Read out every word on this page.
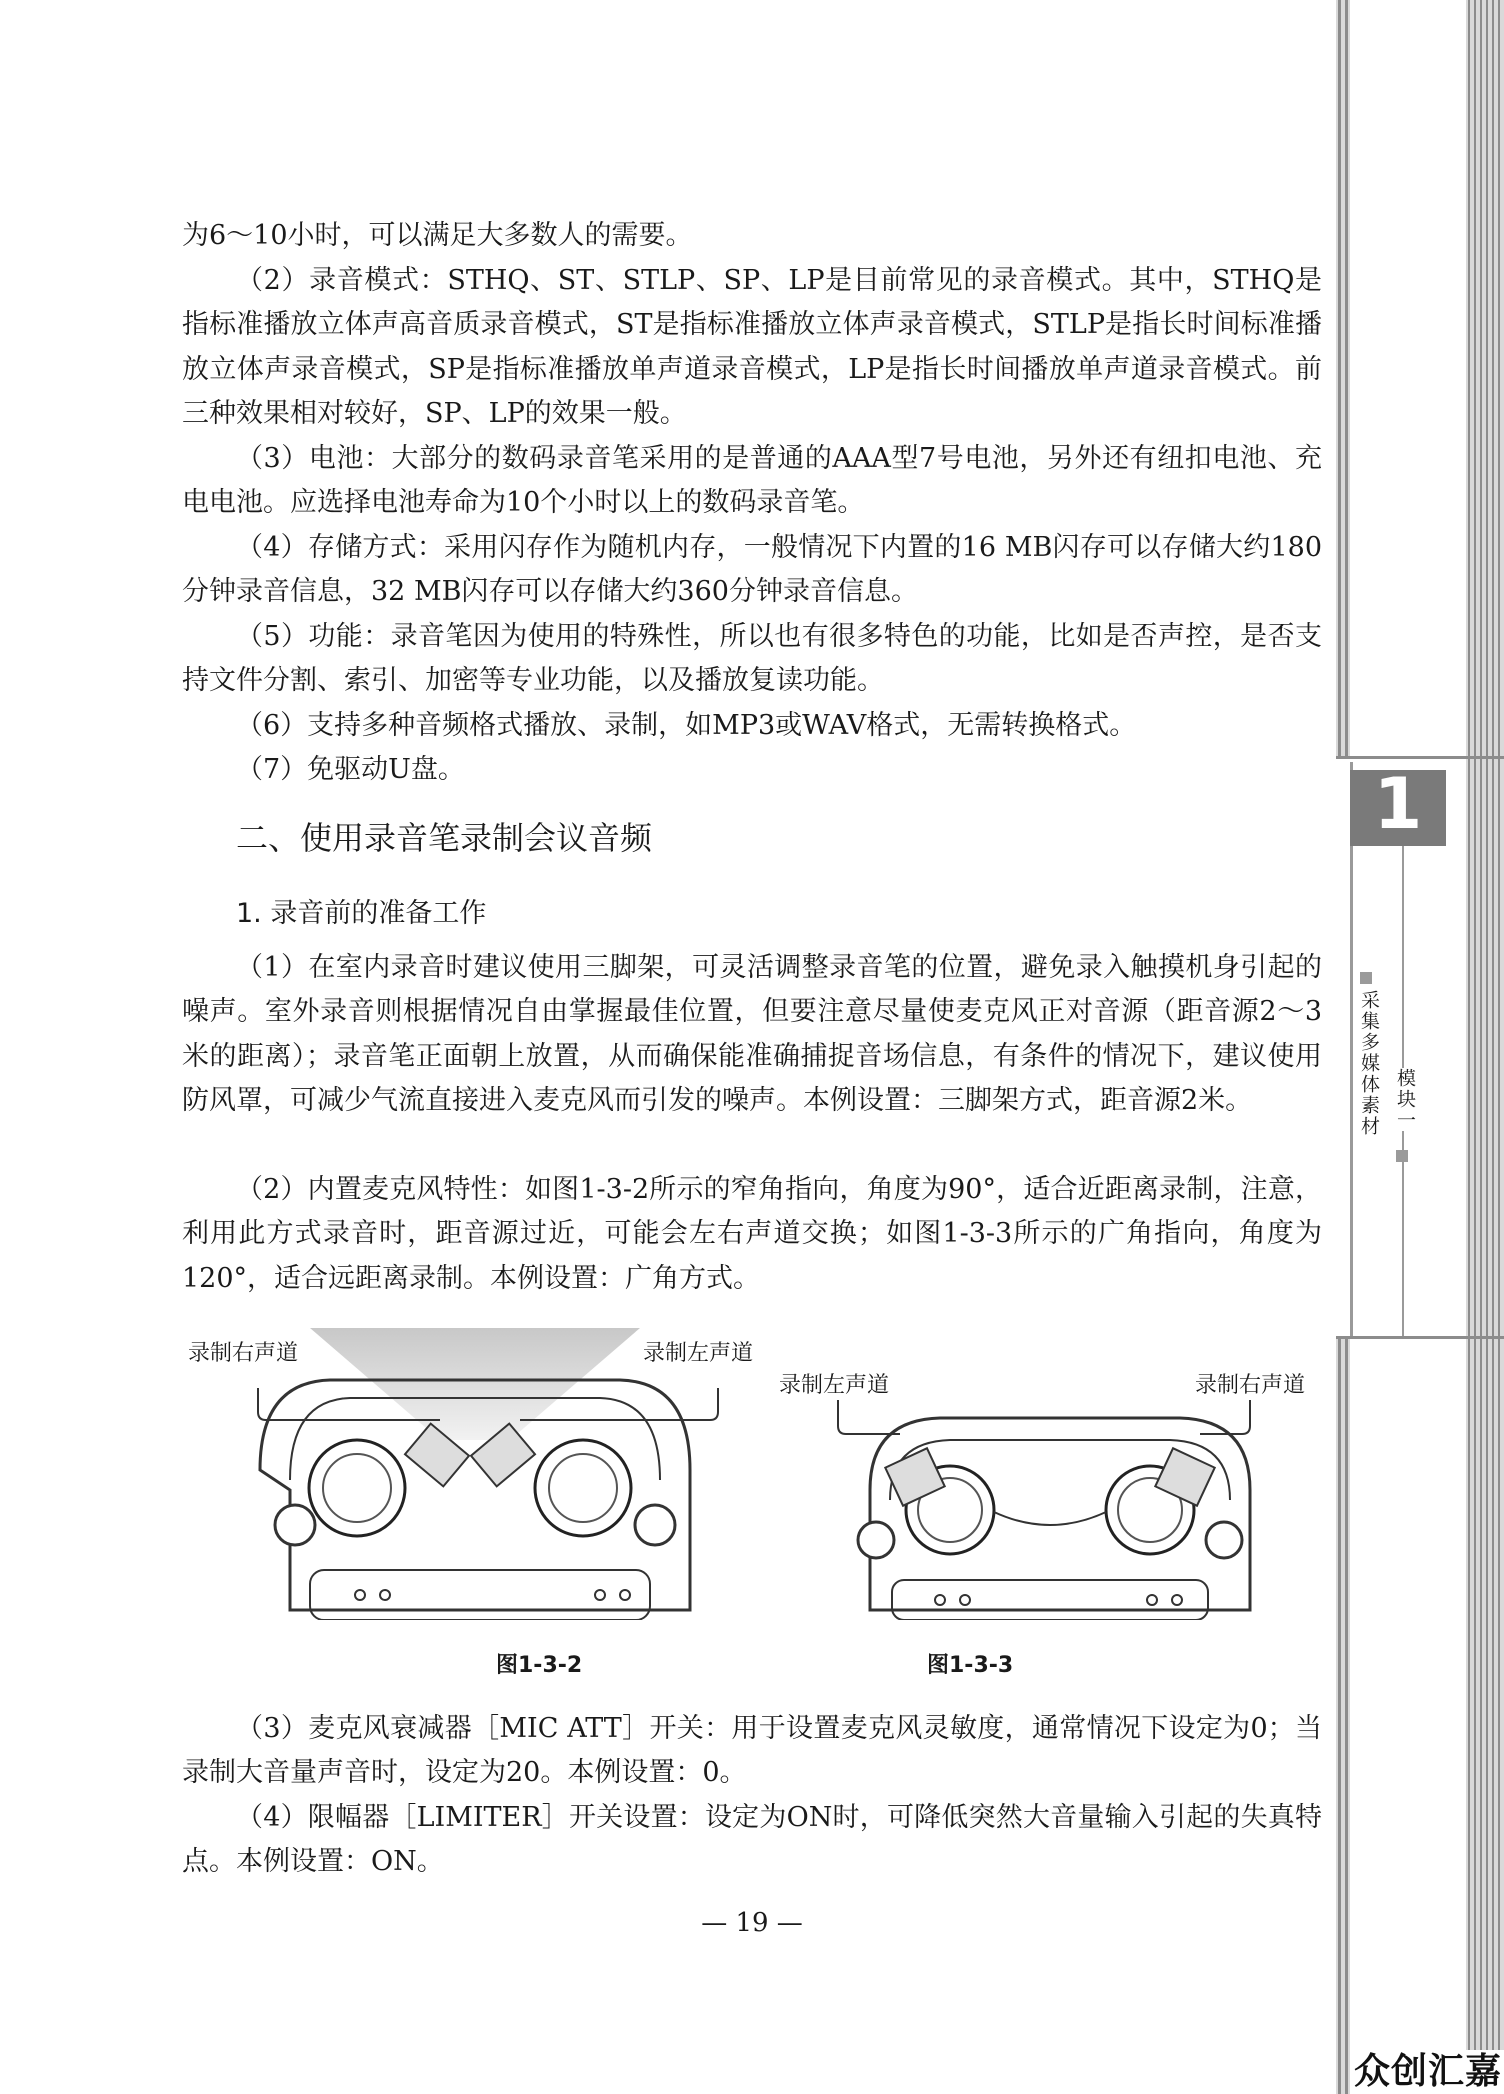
为6～10小时，可以满足大多数人的需要。

（2）录音模式：STHQ、ST、STLP、SP、LP是目前常见的录音模式。其中，STHQ是指标准播放立体声高音质录音模式，ST是指标准播放立体声录音模式，STLP是指长时间标准播放立体声录音模式，SP是指标准播放单声道录音模式，LP是指长时间播放单声道录音模式。前三种效果相对较好，SP、LP的效果一般。

（3）电池：大部分的数码录音笔采用的是普通的AAA型7号电池，另外还有纽扣电池、充电电池。应选择电池寿命为10个小时以上的数码录音笔。

（4）存储方式：采用闪存作为随机内存，一般情况下内置的16 MB闪存可以存储大约180分钟录音信息，32 MB闪存可以存储大约360分钟录音信息。

（5）功能：录音笔因为使用的特殊性，所以也有很多特色的功能，比如是否声控，是否支持文件分割、索引、加密等专业功能，以及播放复读功能。

（6）支持多种音频格式播放、录制，如MP3或WAV格式，无需转换格式。

（7）免驱动U盘。

二、使用录音笔录制会议音频
1. 录音前的准备工作

（1）在室内录音时建议使用三脚架，可灵活调整录音笔的位置，避免录入触摸机身引起的噪声。室外录音则根据情况自由掌握最佳位置，但要注意尽量使麦克风正对音源（距音源2～3米的距离）；录音笔正面朝上放置，从而确保能准确捕捉音场信息，有条件的情况下，建议使用防风罩，可减少气流直接进入麦克风而引发的噪声。本例设置：三脚架方式，距音源2米。

（2）内置麦克风特性：如图1-3-2所示的窄角指向，角度为90°，适合近距离录制，注意，利用此方式录音时，距音源过近，可能会左右声道交换；如图1-3-3所示的广角指向，角度为120°，适合远距离录制。本例设置：广角方式。

（3）麦克风衰减器［MIC ATT］开关：用于设置麦克风灵敏度，通常情况下设定为0；当录制大音量声音时，设定为20。本例设置：0。

（4）限幅器［LIMITER］开关设置：设定为ON时，可降低突然大音量输入引起的失真特点。本例设置：ON。

录制右声道	录制左声道
图1-3-2
录制左声道	录制右声道
图1-3-3
— 19 —
1
采集多媒体素材 模块一
众创汇嘉
